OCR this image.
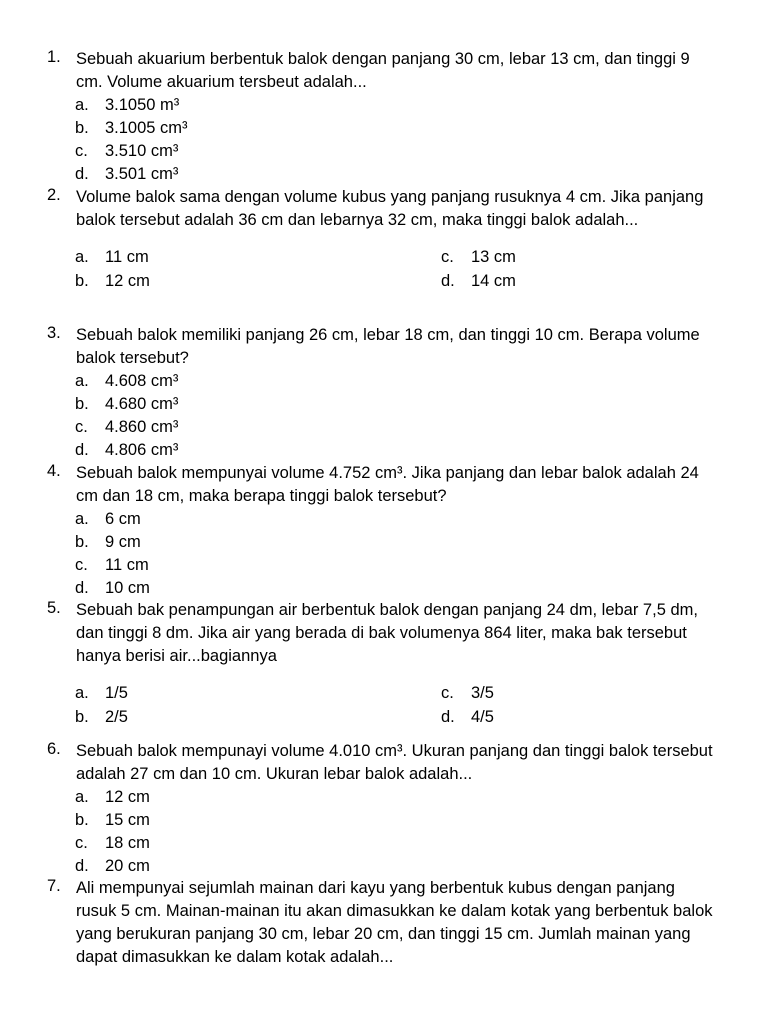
1. Sebuah akuarium berbentuk balok dengan panjang 30 cm, lebar 13 cm, dan tinggi 9 cm. Volume akuarium tersbeut adalah...
a. 3.1050 m³
b. 3.1005 cm³
c. 3.510 cm³
d. 3.501 cm³
2. Volume balok sama dengan volume kubus yang panjang rusuknya 4 cm. Jika panjang balok tersebut adalah 36 cm dan lebarnya 32 cm, maka tinggi balok adalah...
a. 11 cm	c. 13 cm
b. 12 cm	d. 14 cm
3. Sebuah balok memiliki panjang 26 cm, lebar 18 cm, dan tinggi 10 cm. Berapa volume balok tersebut?
a. 4.608 cm³
b. 4.680 cm³
c. 4.860 cm³
d. 4.806 cm³
4. Sebuah balok mempunyai volume 4.752 cm³. Jika panjang dan lebar balok adalah 24 cm dan 18 cm, maka berapa tinggi balok tersebut?
a. 6 cm
b. 9 cm
c. 11 cm
d. 10 cm
5. Sebuah bak penampungan air berbentuk balok dengan panjang 24 dm, lebar 7,5 dm, dan tinggi 8 dm. Jika air yang berada di bak volumenya 864 liter, maka bak tersebut hanya berisi air...bagiannya
a. 1/5	c. 3/5
b. 2/5	d. 4/5
6. Sebuah balok mempunayi volume 4.010 cm³. Ukuran panjang dan tinggi balok tersebut adalah 27 cm dan 10 cm. Ukuran lebar balok adalah...
a. 12 cm
b. 15 cm
c. 18 cm
d. 20 cm
7. Ali mempunyai sejumlah mainan dari kayu yang berbentuk kubus dengan panjang rusuk 5 cm. Mainan-mainan itu akan dimasukkan ke dalam kotak yang berbentuk balok yang berukuran panjang 30 cm, lebar 20 cm, dan tinggi 15 cm. Jumlah mainan yang dapat dimasukkan ke dalam kotak adalah...
